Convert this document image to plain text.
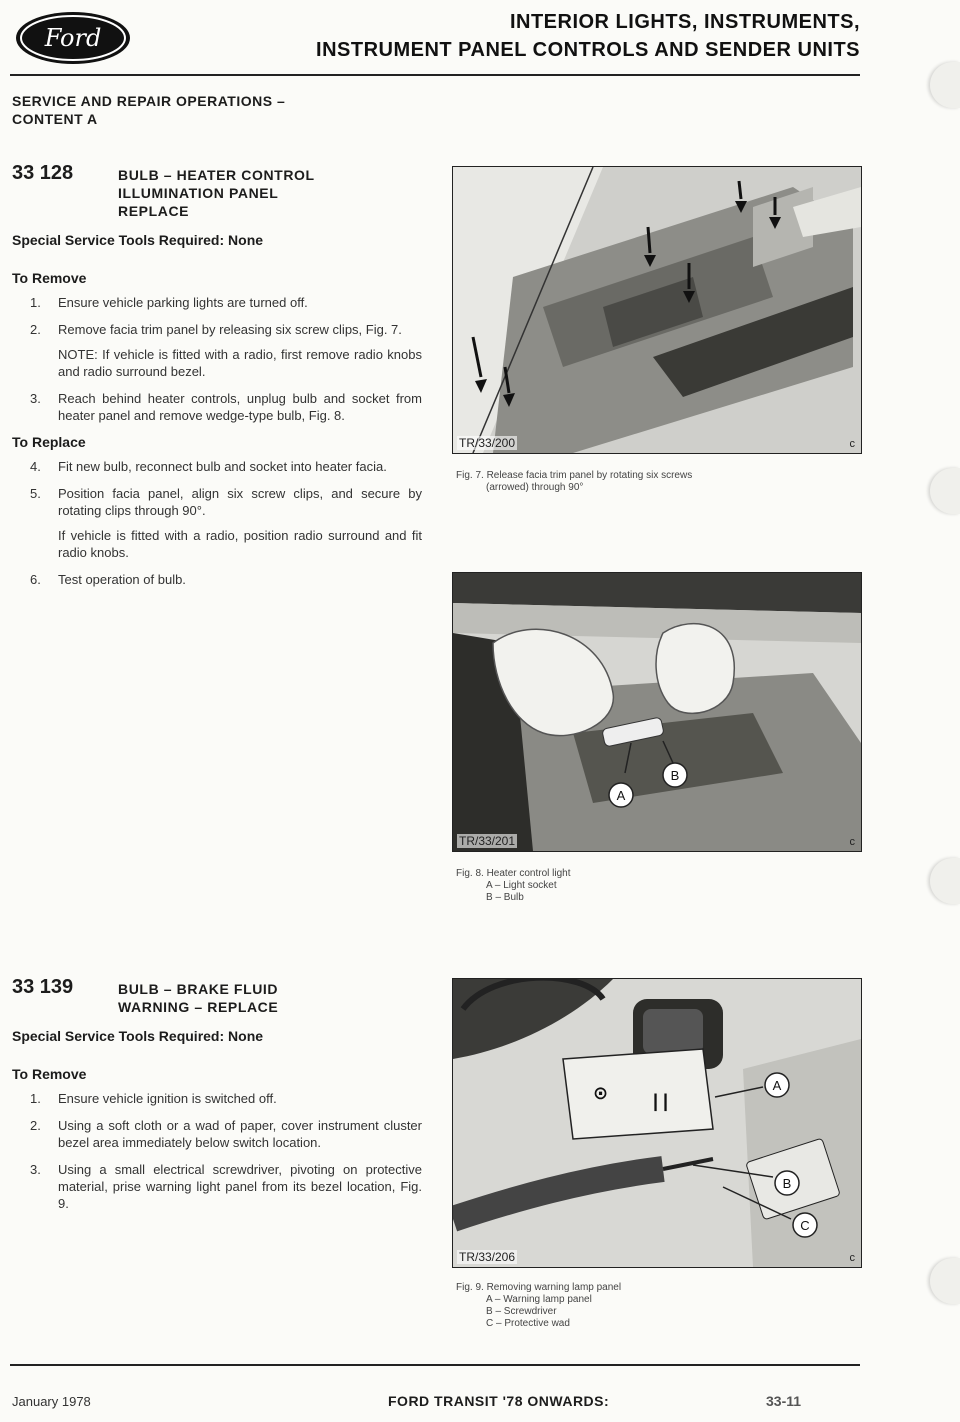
Ford
INTERIOR LIGHTS, INSTRUMENTS,
INSTRUMENT PANEL CONTROLS AND SENDER UNITS
SERVICE AND REPAIR OPERATIONS –
CONTENT A
33 128	BULB – HEATER CONTROL
ILLUMINATION PANEL
REPLACE
Special Service Tools Required: None
To Remove
1. Ensure vehicle parking lights are turned off.
2. Remove facia trim panel by releasing six screw clips, Fig. 7.
NOTE: If vehicle is fitted with a radio, first remove radio knobs and radio surround bezel.
3. Reach behind heater controls, unplug bulb and socket from heater panel and remove wedge-type bulb, Fig. 8.
To Replace
4. Fit new bulb, reconnect bulb and socket into heater facia.
5. Position facia panel, align six screw clips, and secure by rotating clips through 90°.
If vehicle is fitted with a radio, position radio surround and fit radio knobs.
6. Test operation of bulb.
33 139	BULB – BRAKE FLUID
WARNING – REPLACE
Special Service Tools Required: None
To Remove
1. Ensure vehicle ignition is switched off.
2. Using a soft cloth or a wad of paper, cover instrument cluster bezel area immediately below switch location.
3. Using a small electrical screwdriver, pivoting on protective material, prise warning light panel from its bezel location, Fig. 9.
TR/33/200	c
Fig. 7. Release facia trim panel by rotating six screws
(arrowed) through 90°
A
B
TR/33/201	c
Fig. 8. Heater control light
A – Light socket
B – Bulb
⊙ | |
A
B
C
TR/33/206	c
Fig. 9. Removing warning lamp panel
A – Warning lamp panel
B – Screwdriver
C – Protective wad
January 1978	FORD TRANSIT '78 ONWARDS:	33-11
